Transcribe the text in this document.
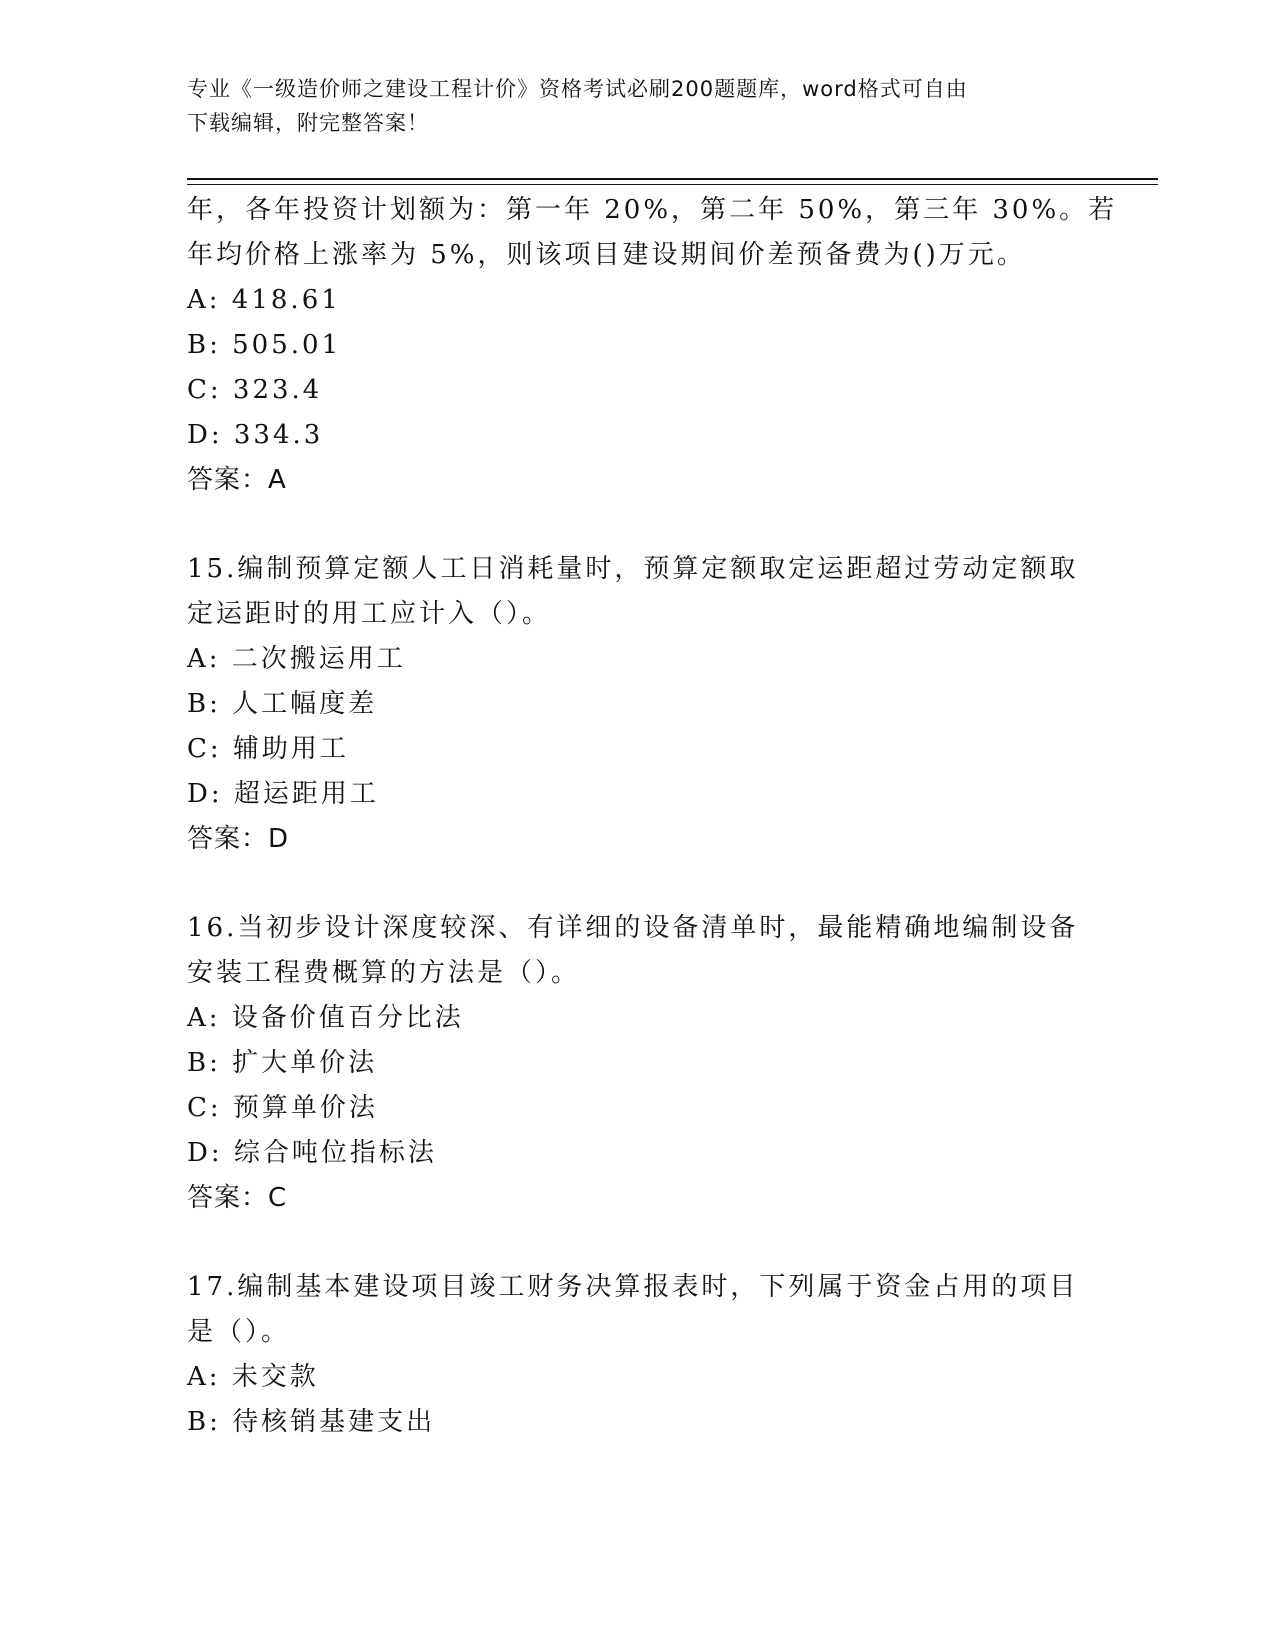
专业《一级造价师之建设工程计价》资格考试必刷200题题库，word格式可自由
下载编辑，附完整答案！
年，各年投资计划额为：第一年 20%，第二年 50%，第三年 30%。若
年均价格上涨率为 5%，则该项目建设期间价差预备费为()万元。
A: 418.61
B: 505.01
C: 323.4
D: 334.3
答案：A
15.编制预算定额人工日消耗量时，预算定额取定运距超过劳动定额取
定运距时的用工应计入（）。
A: 二次搬运用工
B: 人工幅度差
C: 辅助用工
D: 超运距用工
答案：D
16.当初步设计深度较深、有详细的设备清单时，最能精确地编制设备
安装工程费概算的方法是（）。
A: 设备价值百分比法
B: 扩大单价法
C: 预算单价法
D: 综合吨位指标法
答案：C
17.编制基本建设项目竣工财务决算报表时，下列属于资金占用的项目
是（）。
A: 未交款
B: 待核销基建支出
